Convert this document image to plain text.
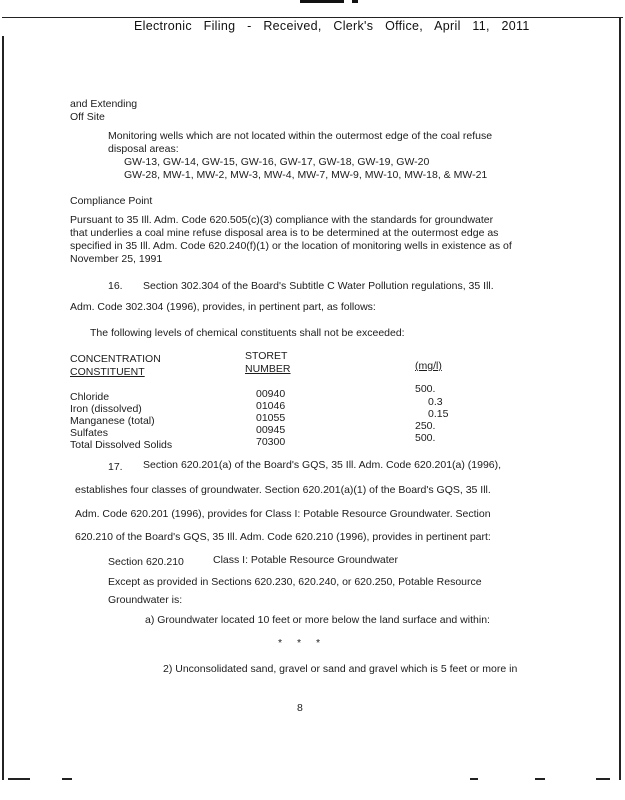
Electronic Filing - Received, Clerk's Office, April 11, 2011
and Extending
Off Site
Monitoring wells which are not located within the outermost edge of the coal refuse
disposal areas:
GW-13, GW-14, GW-15, GW-16, GW-17, GW-18, GW-19, GW-20
GW-28, MW-1, MW-2, MW-3, MW-4, MW-7, MW-9, MW-10, MW-18, & MW-21
Compliance Point
Pursuant to 35 Ill. Adm. Code 620.505(c)(3) compliance with the standards for groundwater
that underlies a coal mine refuse disposal area is to be determined at the outermost edge as
specified in 35 Ill. Adm. Code 620.240(f)(1) or the location of monitoring wells in existence as of
November 25, 1991
16. Section 302.304 of the Board's Subtitle C Water Pollution regulations, 35 Ill.
Adm. Code 302.304 (1996), provides, in pertinent part, as follows:
The following levels of chemical constituents shall not be exceeded:
CONCENTRATION
CONSTITUENT
STORET
NUMBER	(mg/l)
Chloride	00940	500.
Iron (dissolved)	01046	0.3
Manganese (total)	01055	0.15
Sulfates	00945	250.
Total Dissolved Solids	70300	500.
17. Section 620.201(a) of the Board's GQS, 35 Ill. Adm. Code 620.201(a) (1996),
establishes four classes of groundwater. Section 620.201(a)(1) of the Board's GQS, 35 Ill.
Adm. Code 620.201 (1996), provides for Class I: Potable Resource Groundwater. Section
620.210 of the Board's GQS, 35 Ill. Adm. Code 620.210 (1996), provides in pertinent part:
Section 620.210	Class I: Potable Resource Groundwater
Except as provided in Sections 620.230, 620.240, or 620.250, Potable Resource
Groundwater is:
a) Groundwater located 10 feet or more below the land surface and within:
* * *
2) Unconsolidated sand, gravel or sand and gravel which is 5 feet or more in
8
